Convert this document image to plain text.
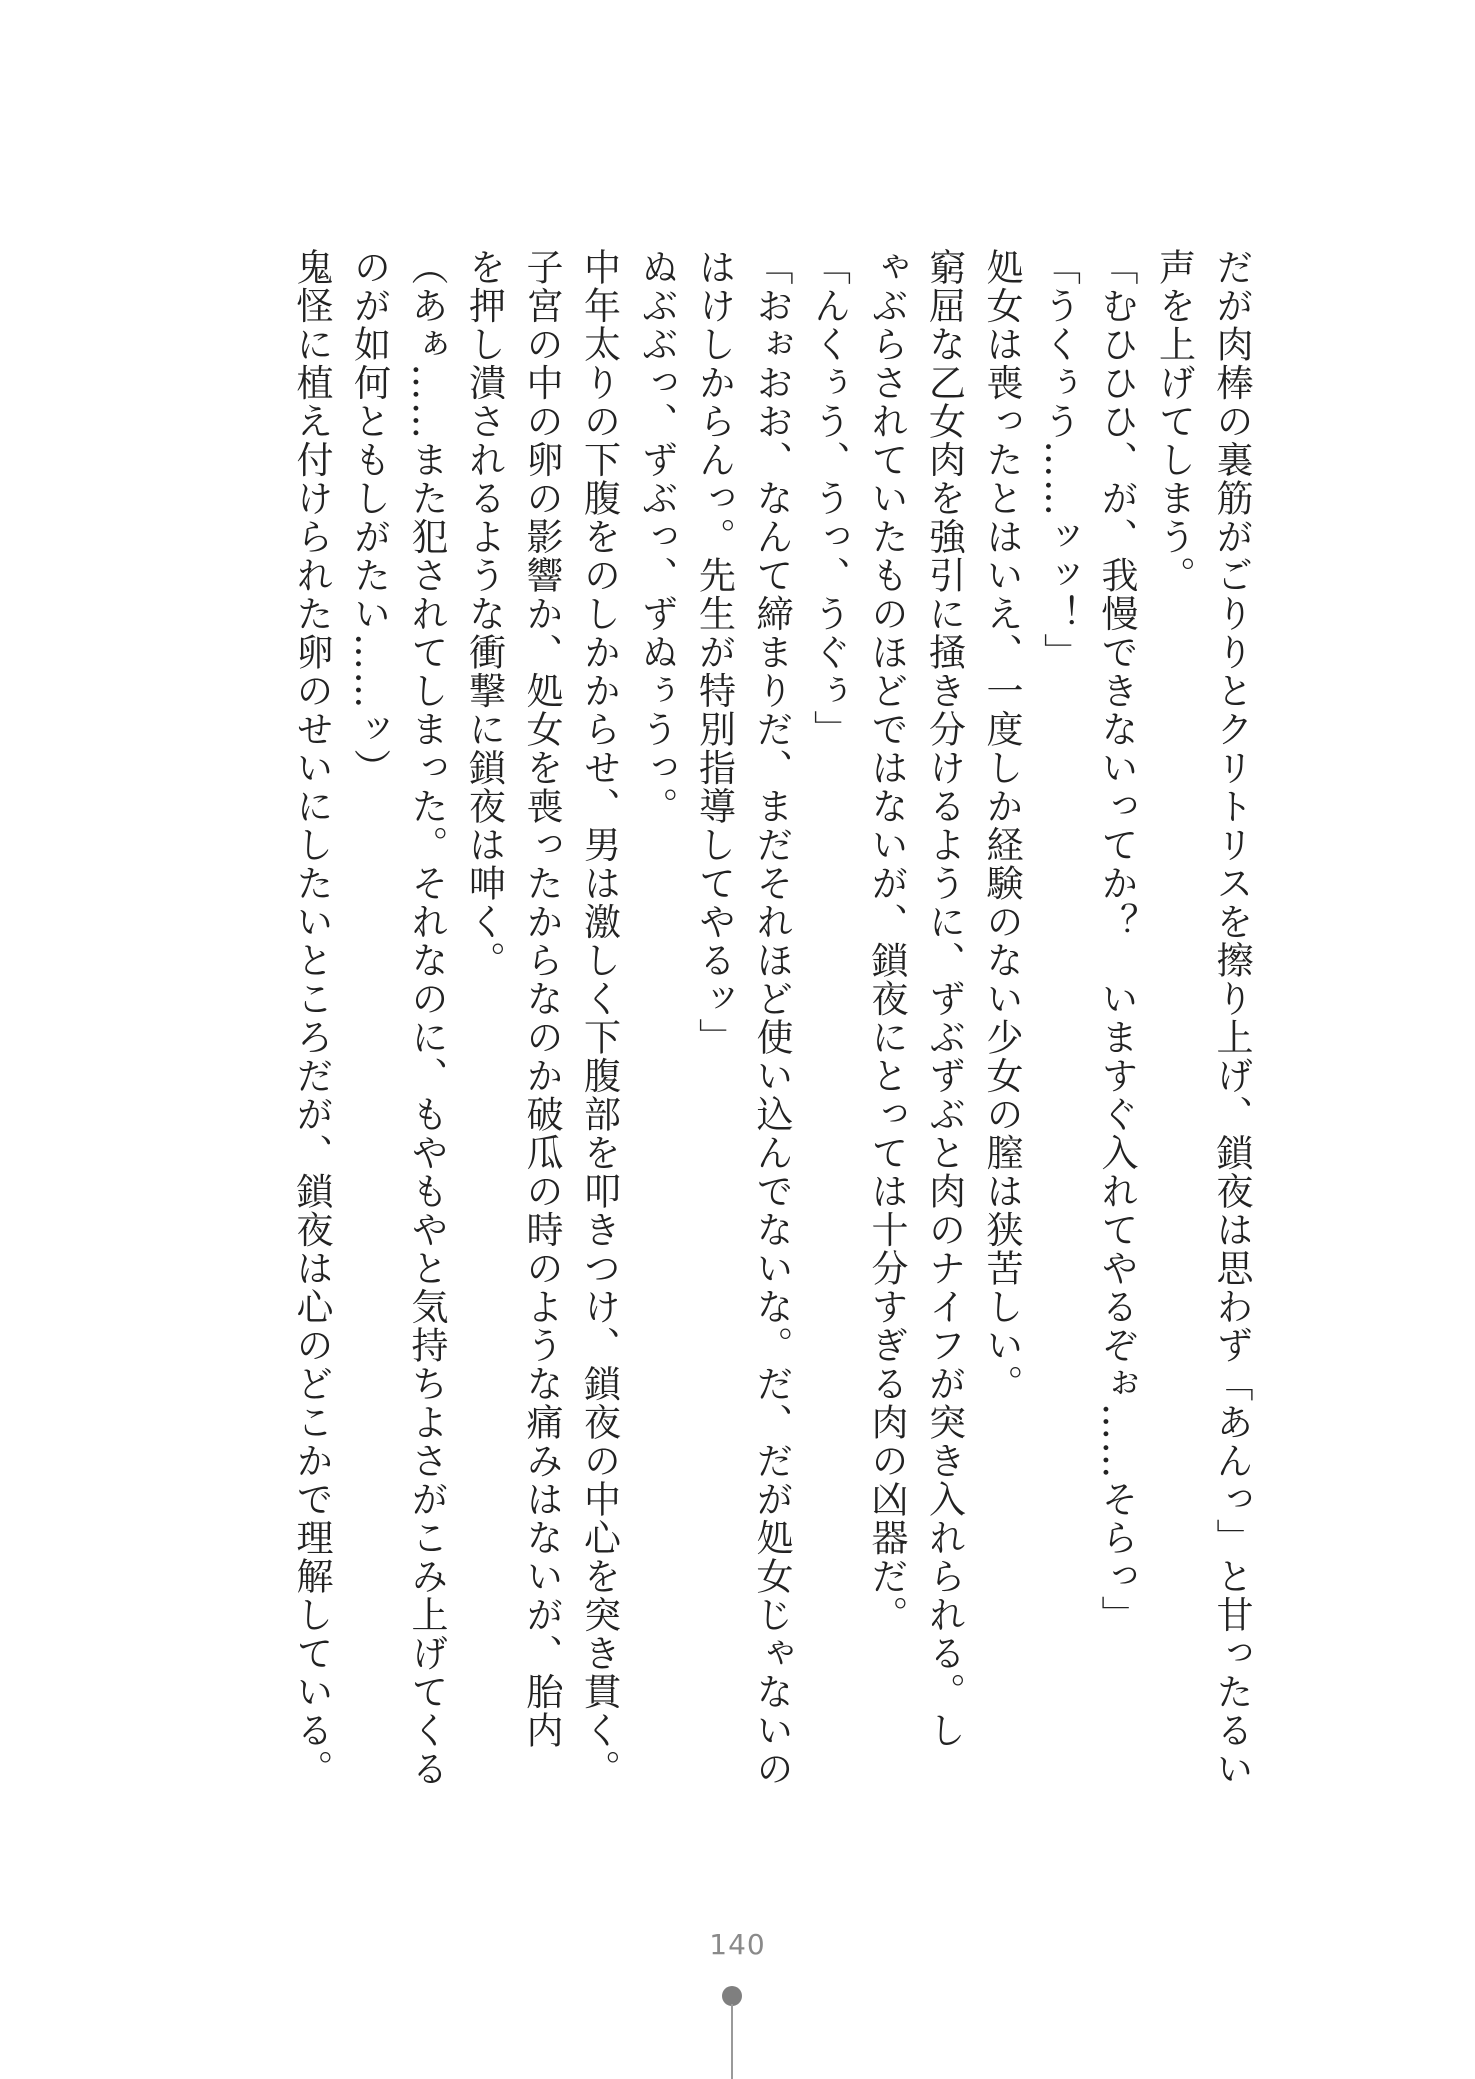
だが肉棒の裏筋がごりりとクリトリスを擦り上げ、鎖夜は思わず「あんっ」と甘ったるい

声を上げてしまう。

「むひひひ、が、我慢できないってか？　いますぐ入れてやるぞぉ……そらっ」

「うくぅう……ッッ！」

処女は喪ったとはいえ、一度しか経験のない少女の膣は狭苦しい。

窮屈な乙女肉を強引に掻き分けるように、ずぶずぶと肉のナイフが突き入れられる。し

ゃぶらされていたものほどではないが、鎖夜にとっては十分すぎる肉の凶器だ。

「んくぅう、うっ、うぐぅ」

「おぉおお、なんて締まりだ、まだそれほど使い込んでないな。だ、だが処女じゃないの

はけしからんっ。先生が特別指導してやるッ」

ぬぶぶっ、ずぶっ、ずぬぅうっ。

中年太りの下腹をのしかからせ、男は激しく下腹部を叩きつけ、鎖夜の中心を突き貫く。

子宮の中の卵の影響か、処女を喪ったからなのか破瓜の時のような痛みはないが、胎内

を押し潰されるような衝撃に鎖夜は呻く。

（あぁ……また犯されてしまった。それなのに、もやもやと気持ちよさがこみ上げてくる

のが如何ともしがたい……ッ）

鬼怪に植え付けられた卵のせいにしたいところだが、鎖夜は心のどこかで理解している。

140
